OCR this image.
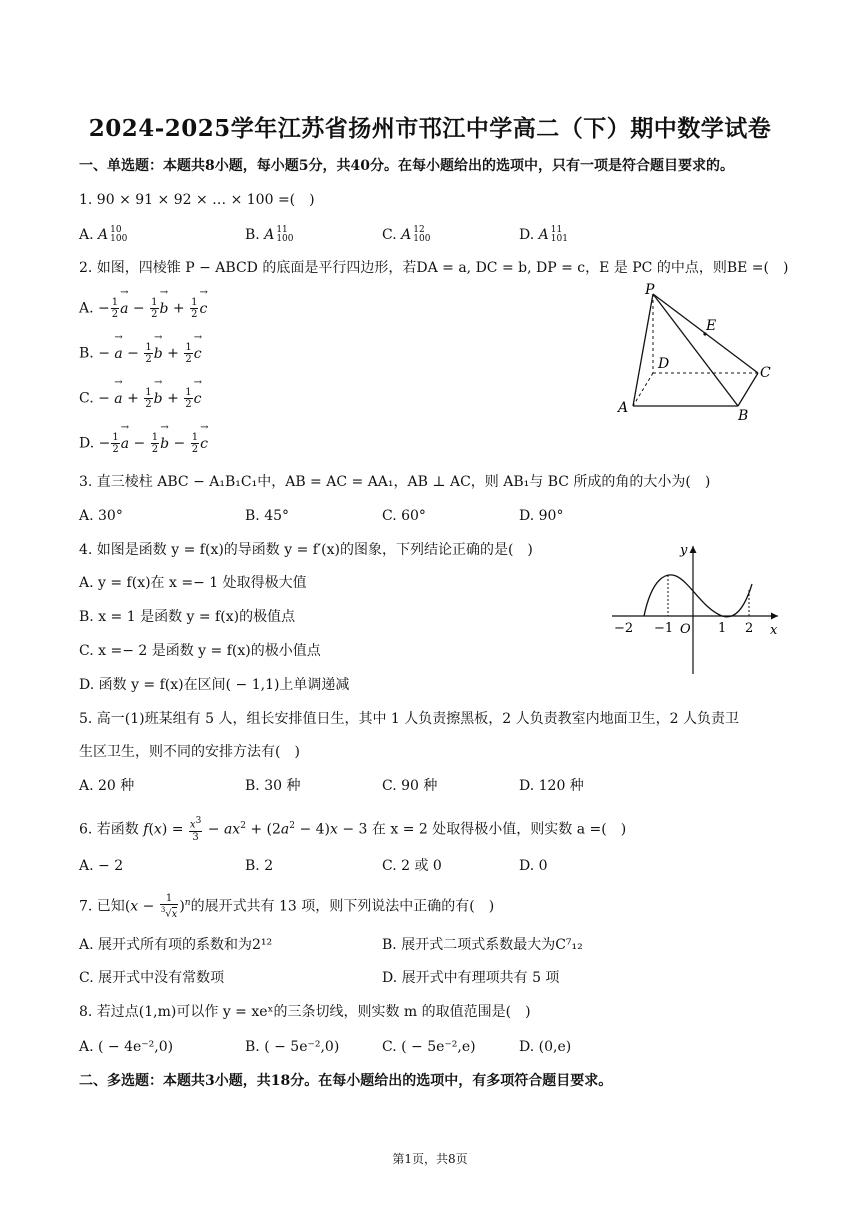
2024-2025学年江苏省扬州市邗江中学高二（下）期中数学试卷
一、单选题：本题共8小题，每小题5分，共40分。在每小题给出的选项中，只有一项是符合题目要求的。
1. 90 × 91 × 92 × … × 100 =(　)
A. A 10
100	B. A 11
100	C. A 12
100	D. A 11
101
2. 如图，四棱锥 P − ABCD 的底面是平行四边形，若DA = a, DC = b, DP = c，E 是 PC 的中点，则BE =(　)
A. − $\frac{1}{2}$
→ $a - \frac{1}{2}$
→ $b + \frac{1}{2}$
→ c
B. − → $a - \frac{1}{2}$
→ $b + \frac{1}{2}$
→ c
C. − → $a + \frac{1}{2}$
→ $b + \frac{1}{2}$
→ c
D. − $\frac{1}{2}$
→ $a - \frac{1}{2}$
→ $b - \frac{1}{2}$
→ c
P
E
D
C
A	B
3. 直三棱柱 ABC − A₁B₁C₁中，AB = AC = AA₁，AB ⊥ AC，则 AB₁与 BC 所成的角的大小为(　)
A. 30°	B. 45°	C. 60°	D. 90°
4. 如图是函数 y = f(x)的导函数 y = f′(x)的图象，下列结论正确的是(　)
A. y = f(x)在 x =− 1 处取得极大值
B. x = 1 是函数 y = f(x)的极值点
C. x =− 2 是函数 y = f(x)的极小值点
D. 函数 y = f(x)在区间( − 1,1)上单调递减
y
x
O
−2 −1	1 2
5. 高一(1)班某组有 5 人，组长安排值日生，其中 1 人负责擦黑板，2 人负责教室内地面卫生，2 人负责卫
生区卫生，则不同的安排方法有(　)
A. 20 种	B. 30 种	C. 90 种	D. 120 种
6. 若函数 $f(x) = \frac{x^3}{3} - ax^2 + (2a^2 - 4)x - 3$ 在 x = 2 处取得极小值，则实数 a =(　)
A. − 2	B. 2	C. 2 或 0	D. 0
7. 已知$(x - \frac{1}{^3√x} )^n$的展开式共有 13 项，则下列说法中正确的有(　)
A. 展开式所有项的系数和为2¹²	B. 展开式二项式系数最大为C⁷₁₂
C. 展开式中没有常数项	D. 展开式中有理项共有 5 项
8. 若过点(1,m)可以作 y = xeˣ的三条切线，则实数 m 的取值范围是(　)
A. ( − 4e⁻²,0)	B. ( − 5e⁻²,0)	C. ( − 5e⁻²,e)	D. (0,e)
二、多选题：本题共3小题，共18分。在每小题给出的选项中，有多项符合题目要求。
第1页，共8页
